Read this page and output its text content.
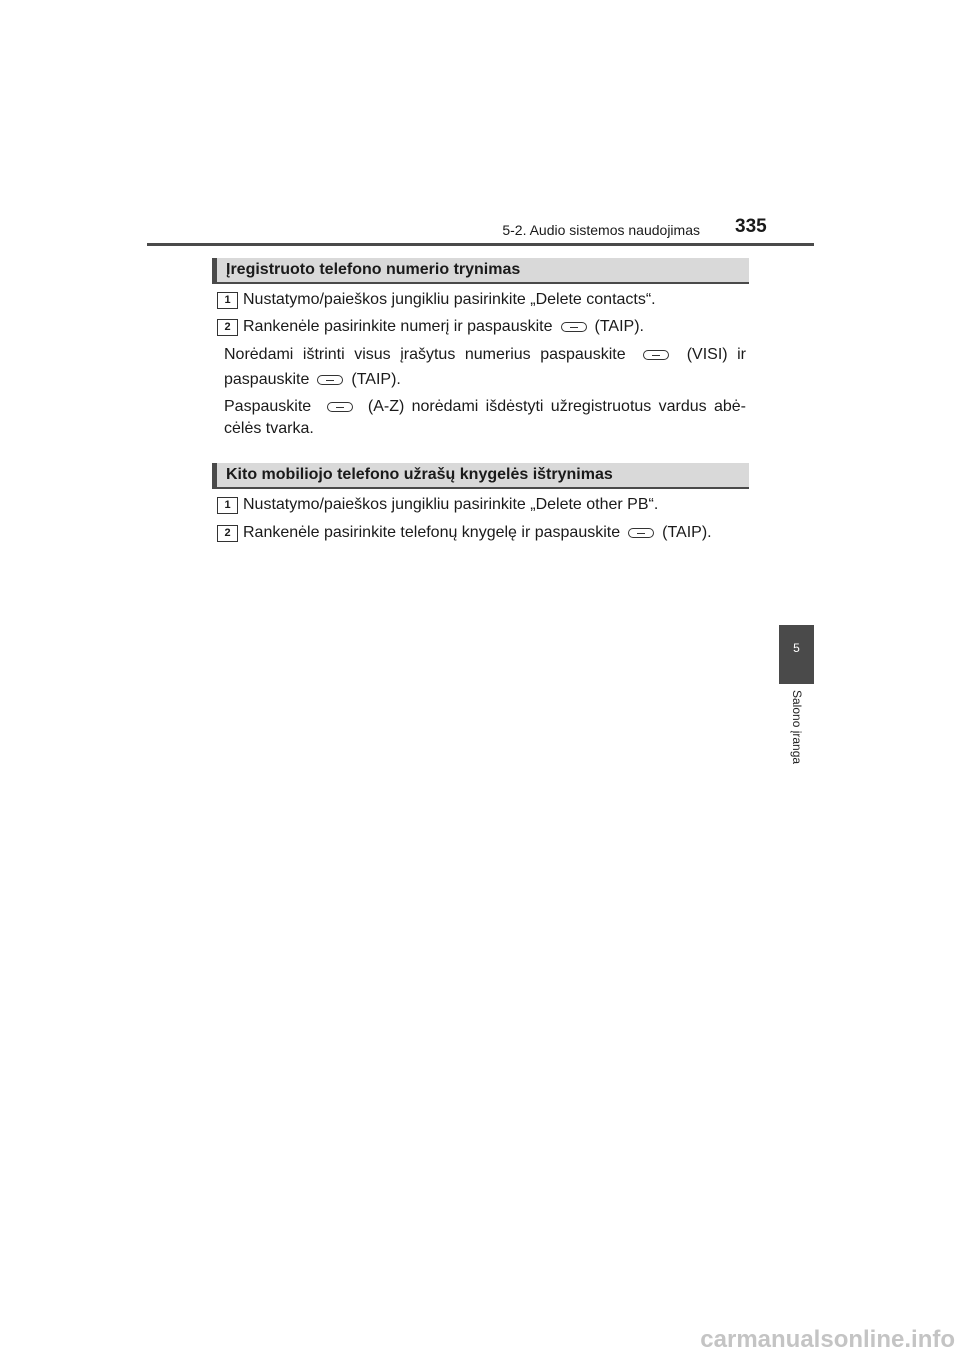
5-2. Audio sistemos naudojimas 335
5
Salono įranga
Įregistruoto telefono numerio trynimas
1 Nustatymo/paieškos jungikliu pasirinkite „Delete contacts“.
2 Rankenėle pasirinkite numerį ir paspauskite	(TAIP).
Norėdami ištrinti visus įrašytus numerius paspauskite	(VISI) ir
paspauskite	(TAIP).
Paspauskite	(A-Z) norėdami išdėstyti užregistruotus vardus abė-
cėlės tvarka.
Kito mobiliojo telefono užrašų knygelės ištrynimas
1 Nustatymo/paieškos jungikliu pasirinkite „Delete other PB“.
2 Rankenėle pasirinkite telefonų knygelę ir paspauskite	(TAIP).
carmanualsonline.info
